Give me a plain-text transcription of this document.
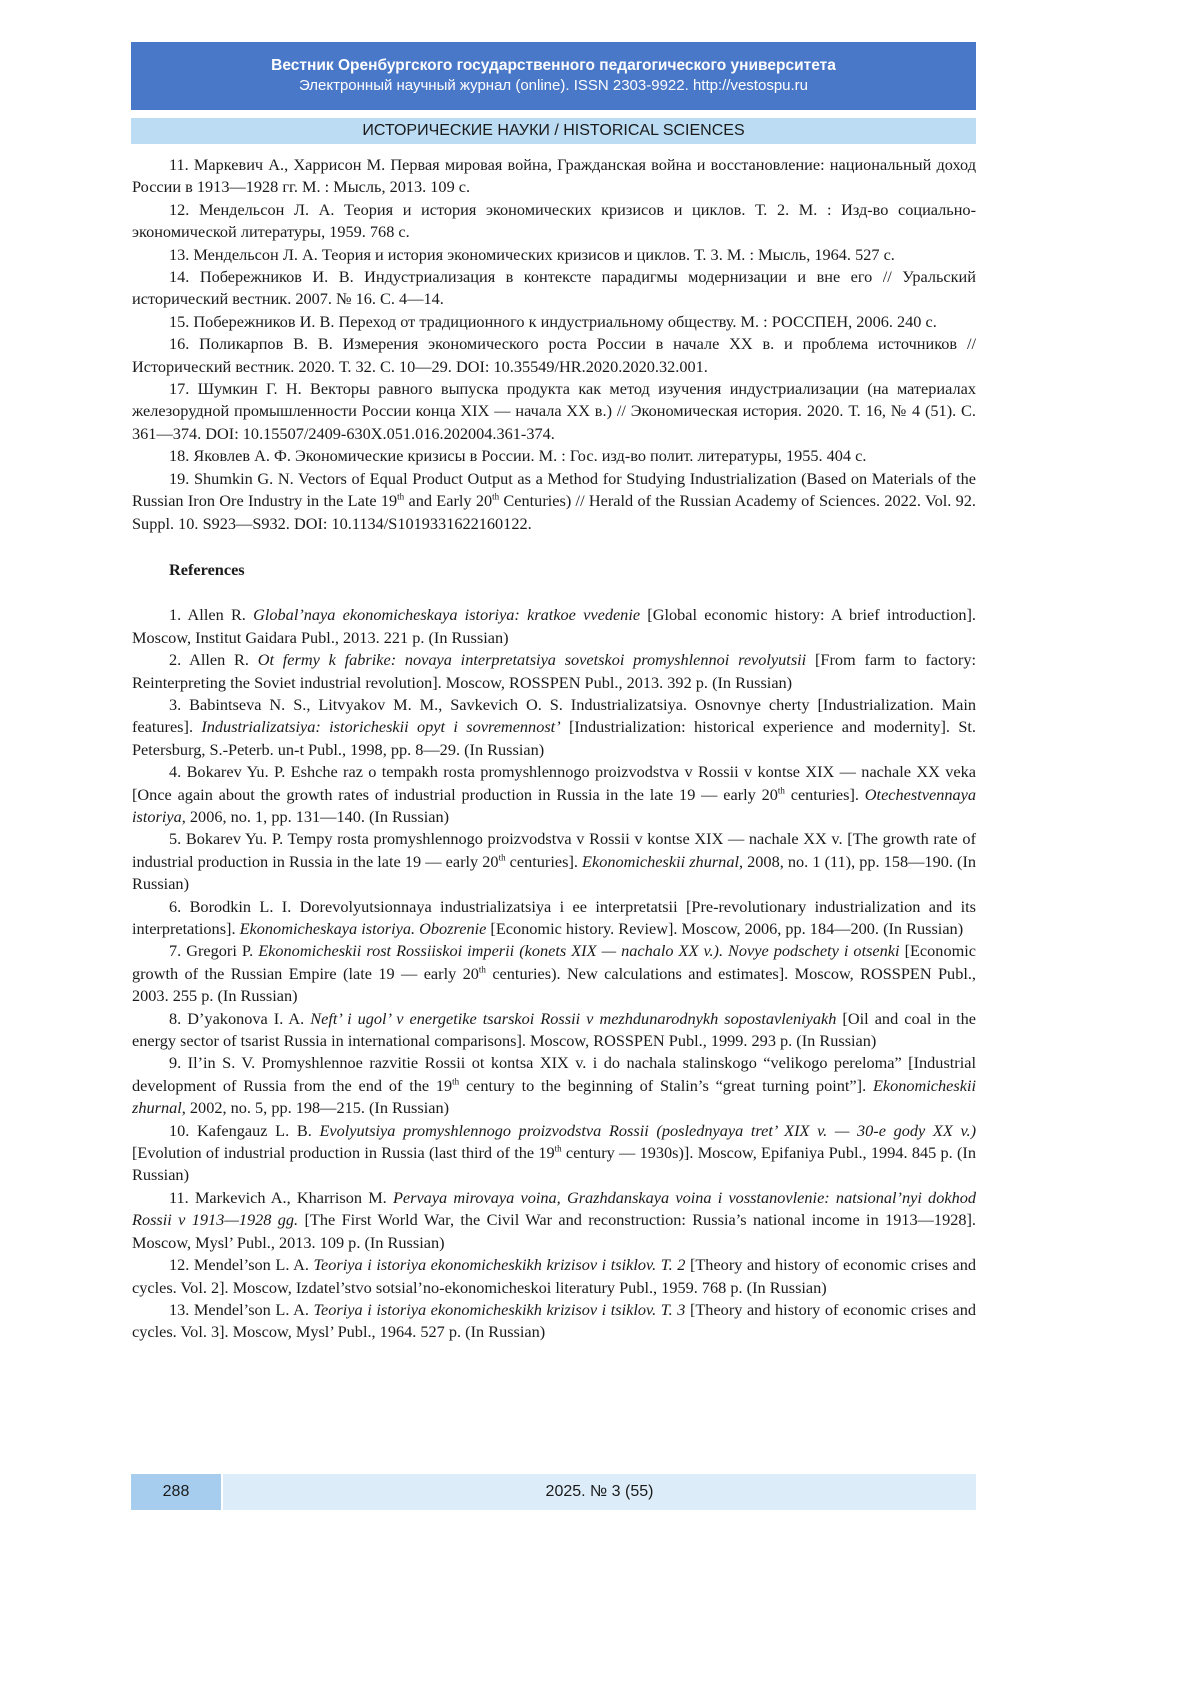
Вестник Оренбургского государственного педагогического университета
Электронный научный журнал (online). ISSN 2303-9922. http://vestospu.ru
ИСТОРИЧЕСКИЕ НАУКИ / HISTORICAL SCIENCES

11. Маркевич А., Харрисон М. Первая мировая война, Гражданская война и восстановление: национальный доход России в 1913—1928 гг. М. : Мысль, 2013. 109 с.

12. Мендельсон Л. А. Теория и история экономических кризисов и циклов. Т. 2. М. : Изд-во социально-экономической литературы, 1959. 768 с.

13. Мендельсон Л. А. Теория и история экономических кризисов и циклов. Т. 3. М. : Мысль, 1964. 527 с.

14. Побережников И. В. Индустриализация в контексте парадигмы модернизации и вне его // Уральский исторический вестник. 2007. № 16. С. 4—14.

15. Побережников И. В. Переход от традиционного к индустриальному обществу. М. : РОССПЕН, 2006. 240 с.

16. Поликарпов В. В. Измерения экономического роста России в начале XX в. и проблема источников // Исторический вестник. 2020. Т. 32. С. 10—29. DOI: 10.35549/HR.2020.2020.32.001.

17. Шумкин Г. Н. Векторы равного выпуска продукта как метод изучения индустриализации (на материалах железорудной промышленности России конца XIX — начала XX в.) // Экономическая история. 2020. Т. 16, № 4 (51). С. 361—374. DOI: 10.15507/2409-630X.051.016.202004.361-374.

18. Яковлев А. Ф. Экономические кризисы в России. М. : Гос. изд-во полит. литературы, 1955. 404 с.

19. Shumkin G. N. Vectors of Equal Product Output as a Method for Studying Industrialization (Based on Materials of the Russian Iron Ore Industry in the Late 19th and Early 20th Centuries) // Herald of the Russian Academy of Sciences. 2022. Vol. 92. Suppl. 10. S923—S932. DOI: 10.1134/S1019331622160122.

References

1. Allen R. Global’naya ekonomicheskaya istoriya: kratkoe vvedenie [Global economic history: A brief introduction]. Moscow, Institut Gaidara Publ., 2013. 221 p. (In Russian)

2. Allen R. Ot fermy k fabrike: novaya interpretatsiya sovetskoi promyshlennoi revolyutsii [From farm to factory: Reinterpreting the Soviet industrial revolution]. Moscow, ROSSPEN Publ., 2013. 392 p. (In Russian)

3. Babintseva N. S., Litvyakov M. M., Savkevich O. S. Industrializatsiya. Osnovnye cherty [Industrialization. Main features]. Industrializatsiya: istoricheskii opyt i sovremennost’ [Industrialization: historical experience and modernity]. St. Petersburg, S.-Peterb. un-t Publ., 1998, pp. 8—29. (In Russian)

4. Bokarev Yu. P. Eshche raz o tempakh rosta promyshlennogo proizvodstva v Rossii v kontse XIX — nachale XX veka [Once again about the growth rates of industrial production in Russia in the late 19 — early 20th centuries]. Otechestvennaya istoriya, 2006, no. 1, pp. 131—140. (In Russian)

5. Bokarev Yu. P. Tempy rosta promyshlennogo proizvodstva v Rossii v kontse XIX — nachale XX v. [The growth rate of industrial production in Russia in the late 19 — early 20th centuries]. Ekonomicheskii zhurnal, 2008, no. 1 (11), pp. 158—190. (In Russian)

6. Borodkin L. I. Dorevolyutsionnaya industrializatsiya i ee interpretatsii [Pre-revolutionary industrialization and its interpretations]. Ekonomicheskaya istoriya. Obozrenie [Economic history. Review]. Moscow, 2006, pp. 184—200. (In Russian)

7. Gregori P. Ekonomicheskii rost Rossiiskoi imperii (konets XIX — nachalo XX v.). Novye podschety i otsenki [Economic growth of the Russian Empire (late 19 — early 20th centuries). New calculations and estimates]. Moscow, ROSSPEN Publ., 2003. 255 p. (In Russian)

8. D’yakonova I. A. Neft’ i ugol’ v energetike tsarskoi Rossii v mezhdunarodnykh sopostavleniyakh [Oil and coal in the energy sector of tsarist Russia in international comparisons]. Moscow, ROSSPEN Publ., 1999. 293 p. (In Russian)

9. Il’in S. V. Promyshlennoe razvitie Rossii ot kontsa XIX v. i do nachala stalinskogo “velikogo pereloma” [Industrial development of Russia from the end of the 19th century to the beginning of Stalin’s “great turning point”]. Ekonomicheskii zhurnal, 2002, no. 5, pp. 198—215. (In Russian)

10. Kafengauz L. B. Evolyutsiya promyshlennogo proizvodstva Rossii (poslednyaya tret’ XIX v. — 30-e gody XX v.) [Evolution of industrial production in Russia (last third of the 19th century — 1930s)]. Moscow, Epifaniya Publ., 1994. 845 p. (In Russian)

11. Markevich A., Kharrison M. Pervaya mirovaya voina, Grazhdanskaya voina i vosstanovlenie: natsional’nyi dokhod Rossii v 1913—1928 gg. [The First World War, the Civil War and reconstruction: Russia’s national income in 1913—1928]. Moscow, Mysl’ Publ., 2013. 109 p. (In Russian)

12. Mendel’son L. A. Teoriya i istoriya ekonomicheskikh krizisov i tsiklov. T. 2 [Theory and history of economic crises and cycles. Vol. 2]. Moscow, Izdatel’stvo sotsial’no-ekonomicheskoi literatury Publ., 1959. 768 p. (In Russian)

13. Mendel’son L. A. Teoriya i istoriya ekonomicheskikh krizisov i tsiklov. T. 3 [Theory and history of economic crises and cycles. Vol. 3]. Moscow, Mysl’ Publ., 1964. 527 p. (In Russian)

288	2025. № 3 (55)
